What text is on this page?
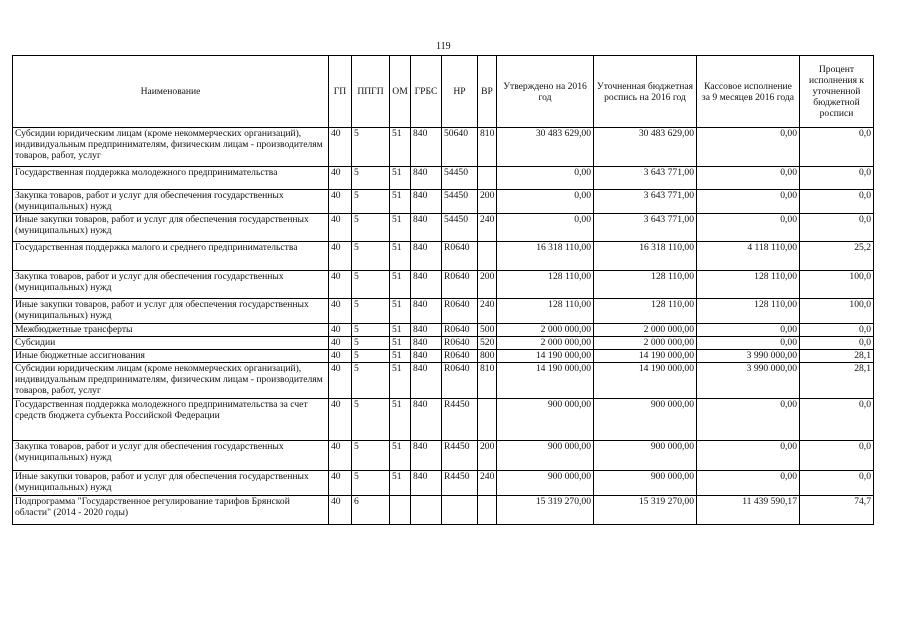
119
Наименование	ГП	ППГП	ОМ	ГРБС	НР	ВР	Утверждено на 2016 год	Уточненная бюджетная роспись на 2016 год	Кассовое исполнение за 9 месяцев 2016 года	Процент исполнения к уточненной бюджетной росписи
Субсидии юридическим лицам (кроме некоммерческих организаций), индивидуальным предпринимателям, физическим лицам - производителям товаров, работ, услуг	40	5	51	840	50640	810	30 483 629,00	30 483 629,00	0,00	0,0
Государственная поддержка молодежного предпринимательства	40	5	51	840	54450		0,00	3 643 771,00	0,00	0,0
Закупка товаров, работ и услуг для обеспечения государственных (муниципальных) нужд	40	5	51	840	54450	200	0,00	3 643 771,00	0,00	0,0
Иные закупки товаров, работ и услуг для обеспечения государственных (муниципальных) нужд	40	5	51	840	54450	240	0,00	3 643 771,00	0,00	0,0
Государственная поддержка малого и среднего предпринимательства	40	5	51	840	R0640		16 318 110,00	16 318 110,00	4 118 110,00	25,2
Закупка товаров, работ и услуг для обеспечения государственных (муниципальных) нужд	40	5	51	840	R0640	200	128 110,00	128 110,00	128 110,00	100,0
Иные закупки товаров, работ и услуг для обеспечения государственных (муниципальных) нужд	40	5	51	840	R0640	240	128 110,00	128 110,00	128 110,00	100,0
Межбюджетные трансферты	40	5	51	840	R0640	500	2 000 000,00	2 000 000,00	0,00	0,0
Субсидии	40	5	51	840	R0640	520	2 000 000,00	2 000 000,00	0,00	0,0
Иные бюджетные ассигнования	40	5	51	840	R0640	800	14 190 000,00	14 190 000,00	3 990 000,00	28,1
Субсидии юридическим лицам (кроме некоммерческих организаций), индивидуальным предпринимателям, физическим лицам - производителям товаров, работ, услуг	40	5	51	840	R0640	810	14 190 000,00	14 190 000,00	3 990 000,00	28,1
Государственная поддержка молодежного предпринимательства за счет средств бюджета субъекта Российской Федерации	40	5	51	840	R4450		900 000,00	900 000,00	0,00	0,0
Закупка товаров, работ и услуг для обеспечения государственных (муниципальных) нужд	40	5	51	840	R4450	200	900 000,00	900 000,00	0,00	0,0
Иные закупки товаров, работ и услуг для обеспечения государственных (муниципальных) нужд	40	5	51	840	R4450	240	900 000,00	900 000,00	0,00	0,0
Подпрограмма "Государственное регулирование тарифов Брянской области" (2014 - 2020 годы)	40	6					15 319 270,00	15 319 270,00	11 439 590,17	74,7
